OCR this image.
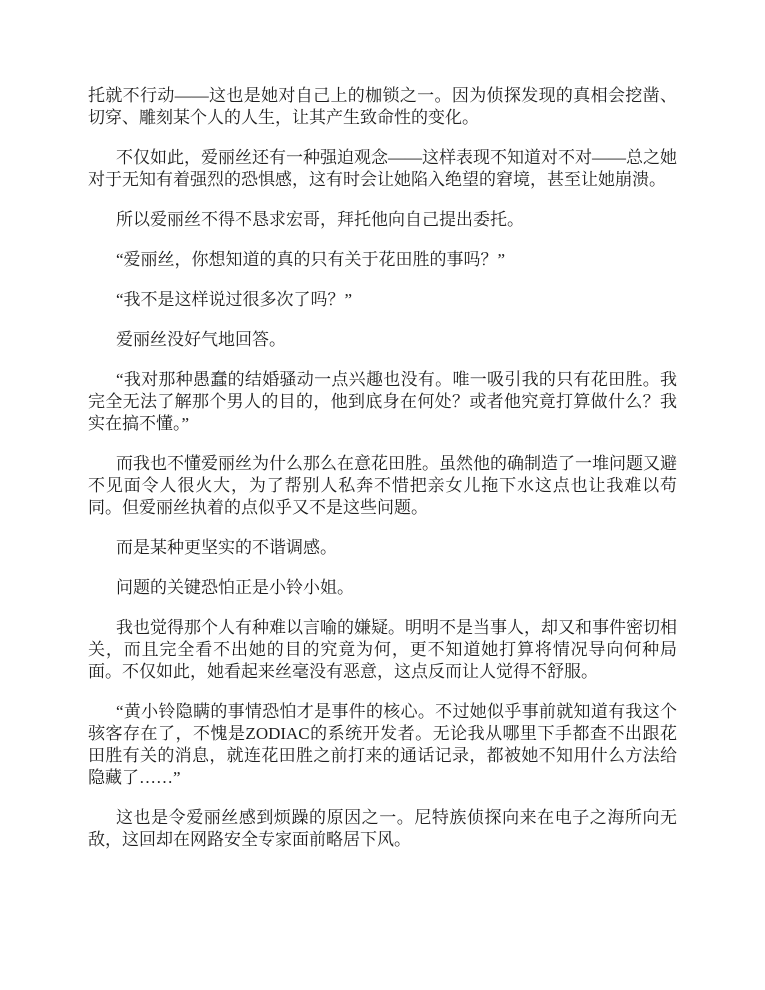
托就不行动——这也是她对自己上的枷锁之一。因为侦探发现的真相会挖凿、切穿、雕刻某个人的人生，让其产生致命性的变化。

不仅如此，爱丽丝还有一种强迫观念——这样表现不知道对不对——总之她对于无知有着强烈的恐惧感，这有时会让她陷入绝望的窘境，甚至让她崩溃。

所以爱丽丝不得不恳求宏哥，拜托他向自己提出委托。

“爱丽丝，你想知道的真的只有关于花田胜的事吗？”

“我不是这样说过很多次了吗？”

爱丽丝没好气地回答。

“我对那种愚蠢的结婚骚动一点兴趣也没有。唯一吸引我的只有花田胜。我完全无法了解那个男人的目的，他到底身在何处？或者他究竟打算做什么？我实在搞不懂。”

而我也不懂爱丽丝为什么那么在意花田胜。虽然他的确制造了一堆问题又避不见面令人很火大，为了帮别人私奔不惜把亲女儿拖下水这点也让我难以苟同。但爱丽丝执着的点似乎又不是这些问题。

而是某种更坚实的不谐调感。

问题的关键恐怕正是小铃小姐。

我也觉得那个人有种难以言喻的嫌疑。明明不是当事人，却又和事件密切相关，而且完全看不出她的目的究竟为何，更不知道她打算将情况导向何种局面。不仅如此，她看起来丝毫没有恶意，这点反而让人觉得不舒服。

“黄小铃隐瞒的事情恐怕才是事件的核心。不过她似乎事前就知道有我这个骇客存在了，不愧是ZODIAC的系统开发者。无论我从哪里下手都查不出跟花田胜有关的消息，就连花田胜之前打来的通话记录，都被她不知用什么方法给隐藏了……”

这也是令爱丽丝感到烦躁的原因之一。尼特族侦探向来在电子之海所向无敌，这回却在网路安全专家面前略居下风。
